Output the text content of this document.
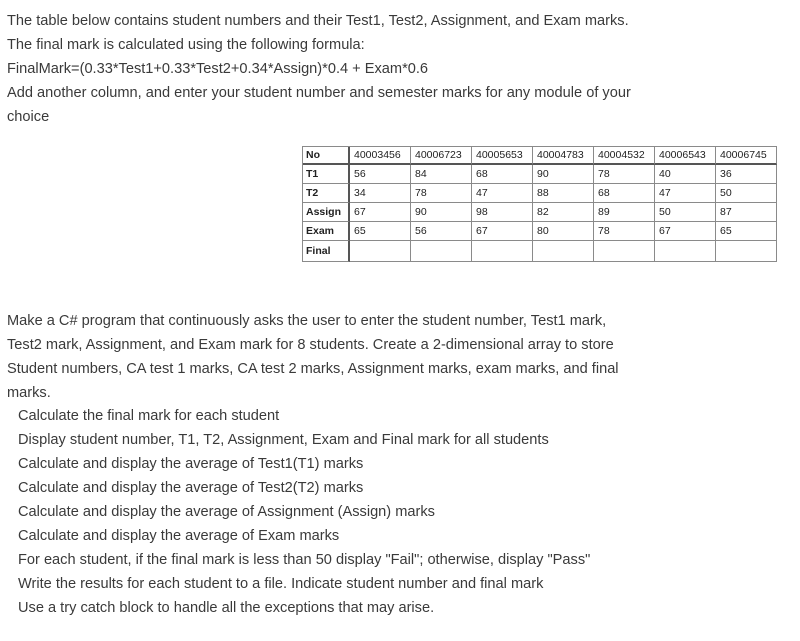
The table below contains student numbers and their Test1, Test2, Assignment, and Exam marks.

The final mark is calculated using the following formula:

FinalMark=(0.33*Test1+0.33*Test2+0.34*Assign)*0.4 + Exam*0.6

Add another column, and enter your student number and semester marks for any module of your

choice

No	40003456	40006723	40005653	40004783	40004532	40006543	40006745
T1	56	84	68	90	78	40	36
T2	34	78	47	88	68	47	50
Assign	67	90	98	82	89	50	87
Exam	65	56	67	80	78	67	65
Final							

Make a C# program that continuously asks the user to enter the student number, Test1 mark,

Test2 mark, Assignment, and Exam mark for 8 students. Create a 2-dimensional array to store

Student numbers, CA test 1 marks, CA test 2 marks, Assignment marks, exam marks, and final

marks.

Calculate the final mark for each student
Display student number, T1, T2, Assignment, Exam and Final mark for all students
Calculate and display the average of Test1(T1) marks
Calculate and display the average of Test2(T2) marks
Calculate and display the average of Assignment (Assign) marks
Calculate and display the average of Exam marks
For each student, if the final mark is less than 50 display "Fail"; otherwise, display "Pass"
Write the results for each student to a file. Indicate student number and final mark
Use a try catch block to handle all the exceptions that may arise.
